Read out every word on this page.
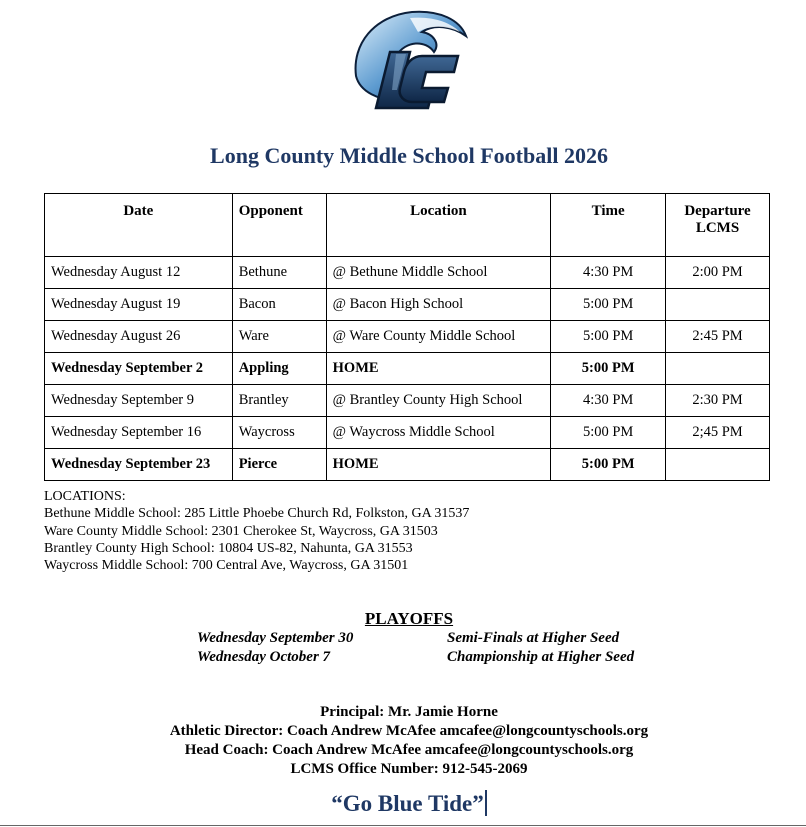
Long County Middle School Football 2026
Date	Opponent	Location	Time	Departure
LCMS
Wednesday August 12	Bethune	@ Bethune Middle School	4:30 PM	2:00 PM
Wednesday August 19	Bacon	@ Bacon High School	5:00 PM	
Wednesday August 26	Ware	@ Ware County Middle School	5:00 PM	2:45 PM
Wednesday September 2	Appling	HOME	5:00 PM	
Wednesday September 9	Brantley	@ Brantley County High School	4:30 PM	2:30 PM
Wednesday September 16	Waycross	@ Waycross Middle School	5:00 PM	2;45 PM
Wednesday September 23	Pierce	HOME	5:00 PM	
LOCATIONS:
Bethune Middle School: 285 Little Phoebe Church Rd, Folkston, GA 31537
Ware County Middle School: 2301 Cherokee St, Waycross, GA 31503
Brantley County High School: 10804 US-82, Nahunta, GA 31553
Waycross Middle School: 700 Central Ave, Waycross, GA 31501
PLAYOFFS
Wednesday September 30	Semi-Finals at Higher Seed
Wednesday October 7	Championship at Higher Seed
Principal: Mr. Jamie Horne
Athletic Director: Coach Andrew McAfee amcafee@longcountyschools.org
Head Coach: Coach Andrew McAfee amcafee@longcountyschools.org
LCMS Office Number: 912-545-2069
“Go Blue Tide”
